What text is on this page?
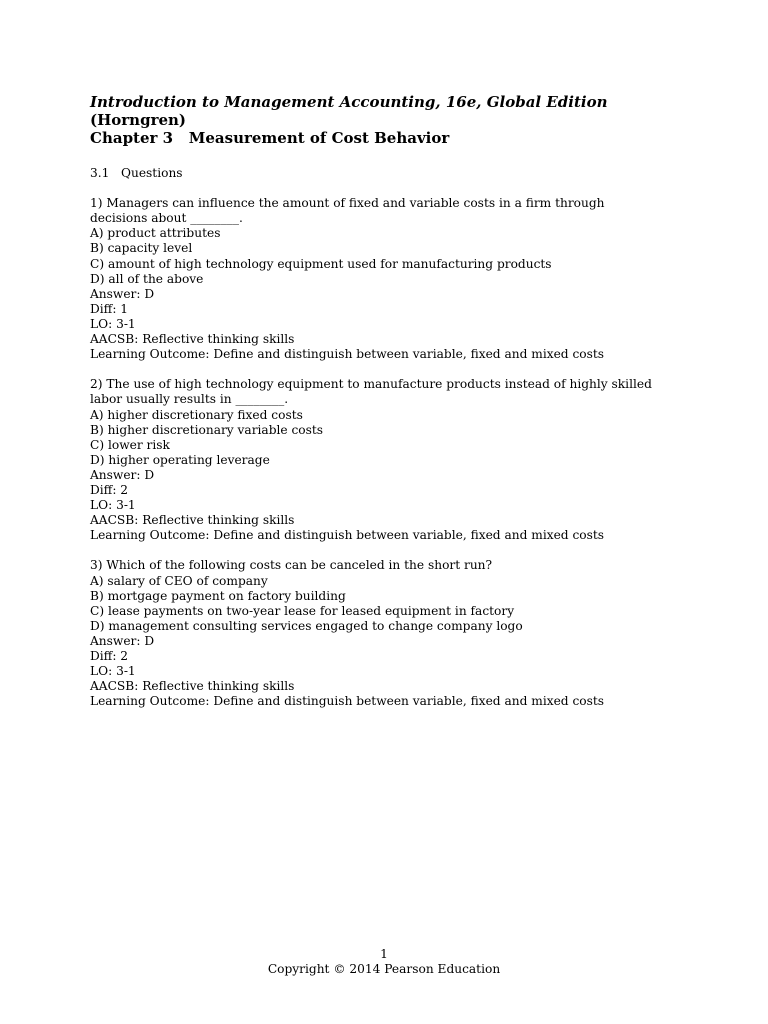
Introduction to Management Accounting, 16e, Global Edition
(Horngren)
Chapter 3   Measurement of Cost Behavior
3.1   Questions
1) Managers can influence the amount of fixed and variable costs in a firm through
decisions about ________.
A) product attributes
B) capacity level
C) amount of high technology equipment used for manufacturing products
D) all of the above
Answer: D
Diff: 1
LO: 3-1
AACSB: Reflective thinking skills
Learning Outcome: Define and distinguish between variable, fixed and mixed costs
2) The use of high technology equipment to manufacture products instead of highly skilled
labor usually results in ________.
A) higher discretionary fixed costs
B) higher discretionary variable costs
C) lower risk
D) higher operating leverage
Answer: D
Diff: 2
LO: 3-1
AACSB: Reflective thinking skills
Learning Outcome: Define and distinguish between variable, fixed and mixed costs
3) Which of the following costs can be canceled in the short run?
A) salary of CEO of company
B) mortgage payment on factory building
C) lease payments on two-year lease for leased equipment in factory
D) management consulting services engaged to change company logo
Answer: D
Diff: 2
LO: 3-1
AACSB: Reflective thinking skills
Learning Outcome: Define and distinguish between variable, fixed and mixed costs
1
Copyright © 2014 Pearson Education
